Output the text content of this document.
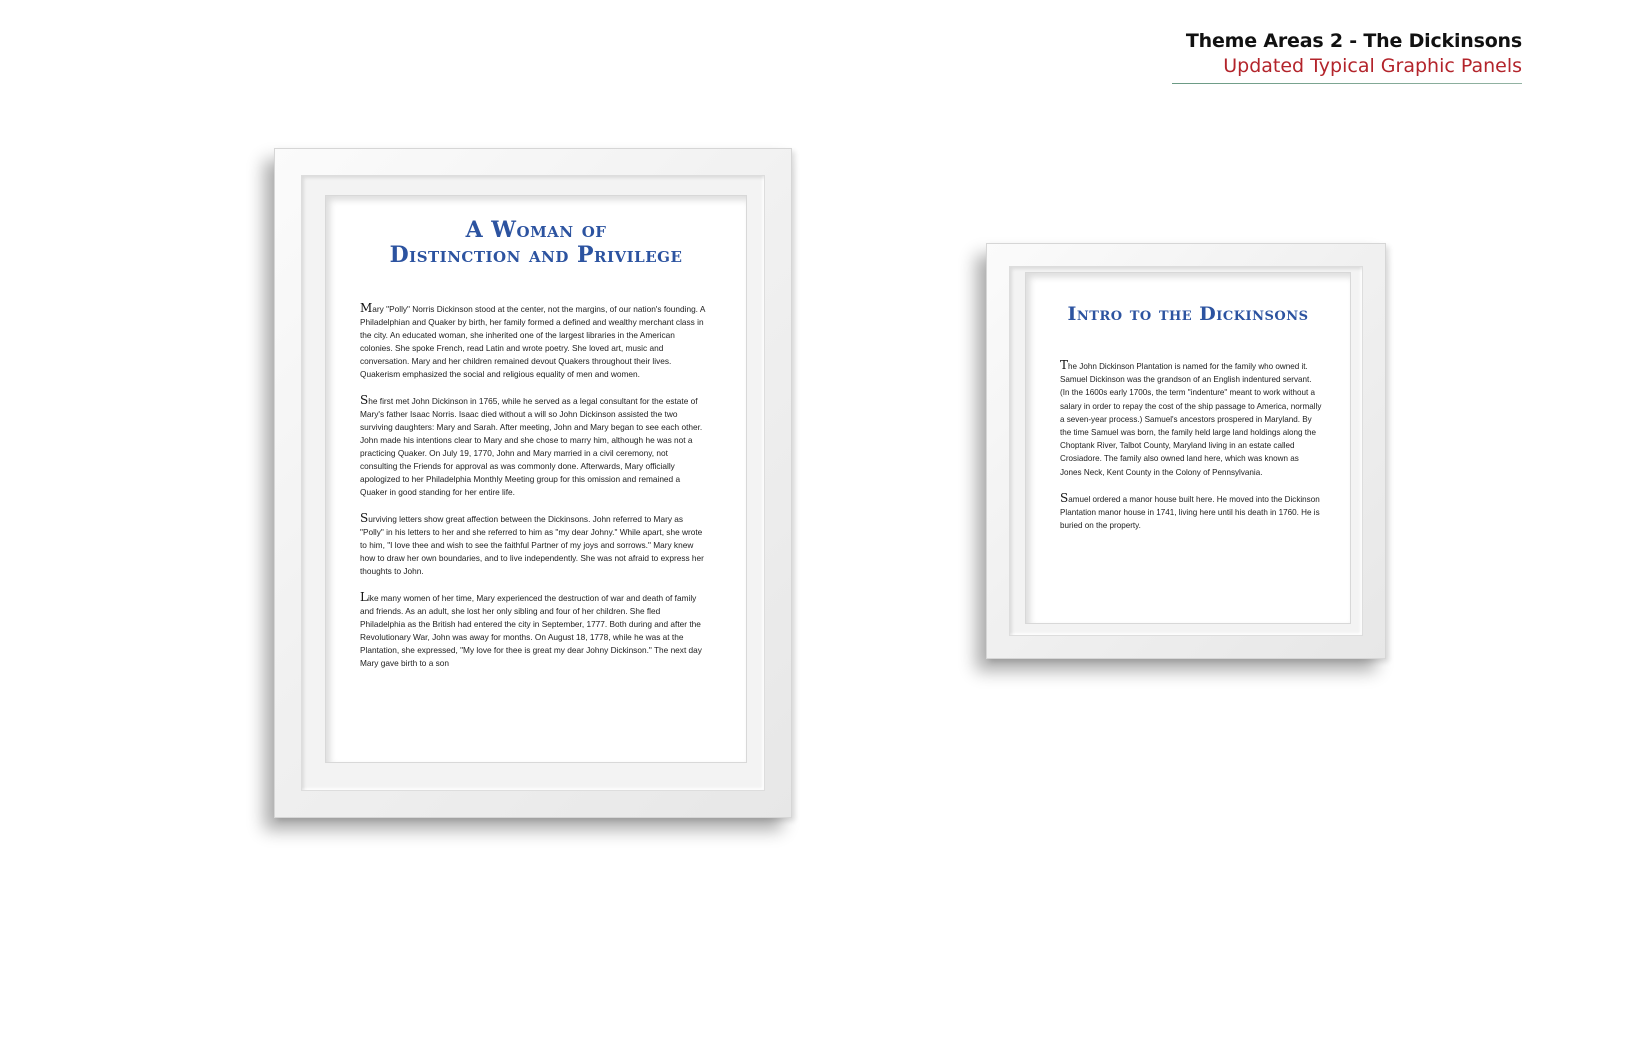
Theme Areas 2 - The Dickinsons
Updated Typical Graphic Panels
A Woman of
Distinction and Privilege

Mary "Polly" Norris Dickinson stood at the center, not the margins, of our nation's founding. A Philadelphian and Quaker by birth, her family formed a defined and wealthy merchant class in the city. An educated woman, she inherited one of the largest libraries in the American colonies. She spoke French, read Latin and wrote poetry. She loved art, music and conversation. Mary and her children remained devout Quakers throughout their lives. Quakerism emphasized the social and religious equality of men and women.

She first met John Dickinson in 1765, while he served as a legal consultant for the estate of Mary's father Isaac Norris. Isaac died without a will so John Dickinson assisted the two surviving daughters: Mary and Sarah. After meeting, John and Mary began to see each other. John made his intentions clear to Mary and she chose to marry him, although he was not a practicing Quaker. On July 19, 1770, John and Mary married in a civil ceremony, not consulting the Friends for approval as was commonly done. Afterwards, Mary officially apologized to her Philadelphia Monthly Meeting group for this omission and remained a Quaker in good standing for her entire life.

Surviving letters show great affection between the Dickinsons. John referred to Mary as "Polly" in his letters to her and she referred to him as "my dear Johny." While apart, she wrote to him, "I love thee and wish to see the faithful Partner of my joys and sorrows." Mary knew how to draw her own boundaries, and to live independently. She was not afraid to express her thoughts to John.

Like many women of her time, Mary experienced the destruction of war and death of family and friends. As an adult, she lost her only sibling and four of her children. She fled Philadelphia as the British had entered the city in September, 1777. Both during and after the Revolutionary War, John was away for months. On August 18, 1778, while he was at the Plantation, she expressed, "My love for thee is great my dear Johny Dickinson." The next day Mary gave birth to a son

Intro to the Dickinsons

The John Dickinson Plantation is named for the family who owned it. Samuel Dickinson was the grandson of an English indentured servant. (In the 1600s early 1700s, the term "indenture" meant to work without a salary in order to repay the cost of the ship passage to America, normally a seven-year process.) Samuel's ancestors prospered in Maryland. By the time Samuel was born, the family held large land holdings along the Choptank River, Talbot County, Maryland living in an estate called Crosiadore. The family also owned land here, which was known as Jones Neck, Kent County in the Colony of Pennsylvania.

Samuel ordered a manor house built here. He moved into the Dickinson Plantation manor house in 1741, living here until his death in 1760. He is buried on the property.
